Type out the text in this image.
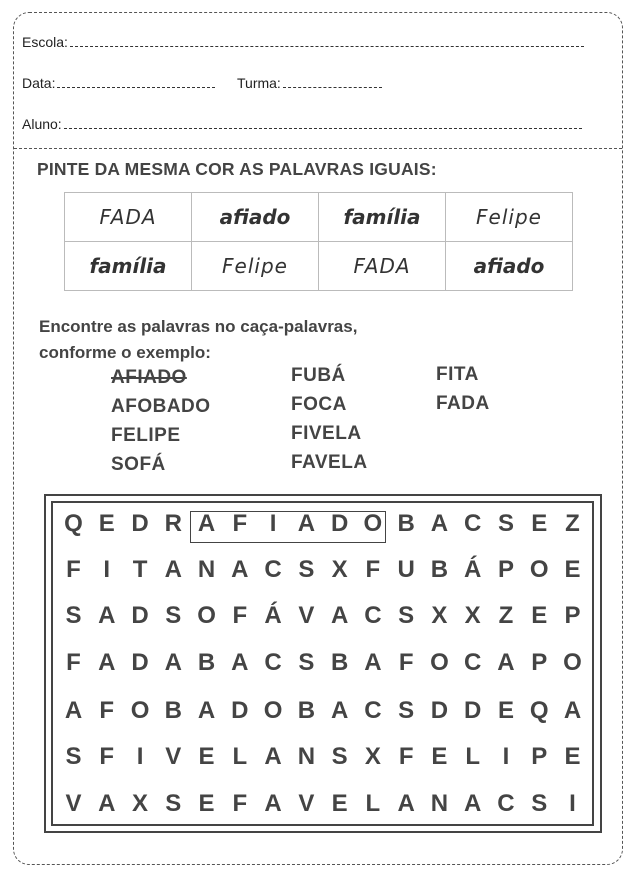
Escola:
Data:	Turma:
Aluno:
PINTE DA MESMA COR AS PALAVRAS IGUAIS:
FADA	afiado	família	Felipe
família	Felipe	FADA	afiado
Encontre as palavras no caça-palavras,
conforme o exemplo:
AFIADO
AFOBADO
FELIPE
SOFÁ
FUBÁ
FOCA
FIVELA
FAVELA
FITA
FADA
Q E D R A F I A D O B A C S E Z
F I T A N A C S X F U B Á P O E
S A D S O F Á V A C S X X Z E P
F A D A B A C S B A F O C A P O
A F O B A D O B A C S D D E Q A
S F I V E L A N S X F E L I P E
V A X S E F A V E L A N A C S I
